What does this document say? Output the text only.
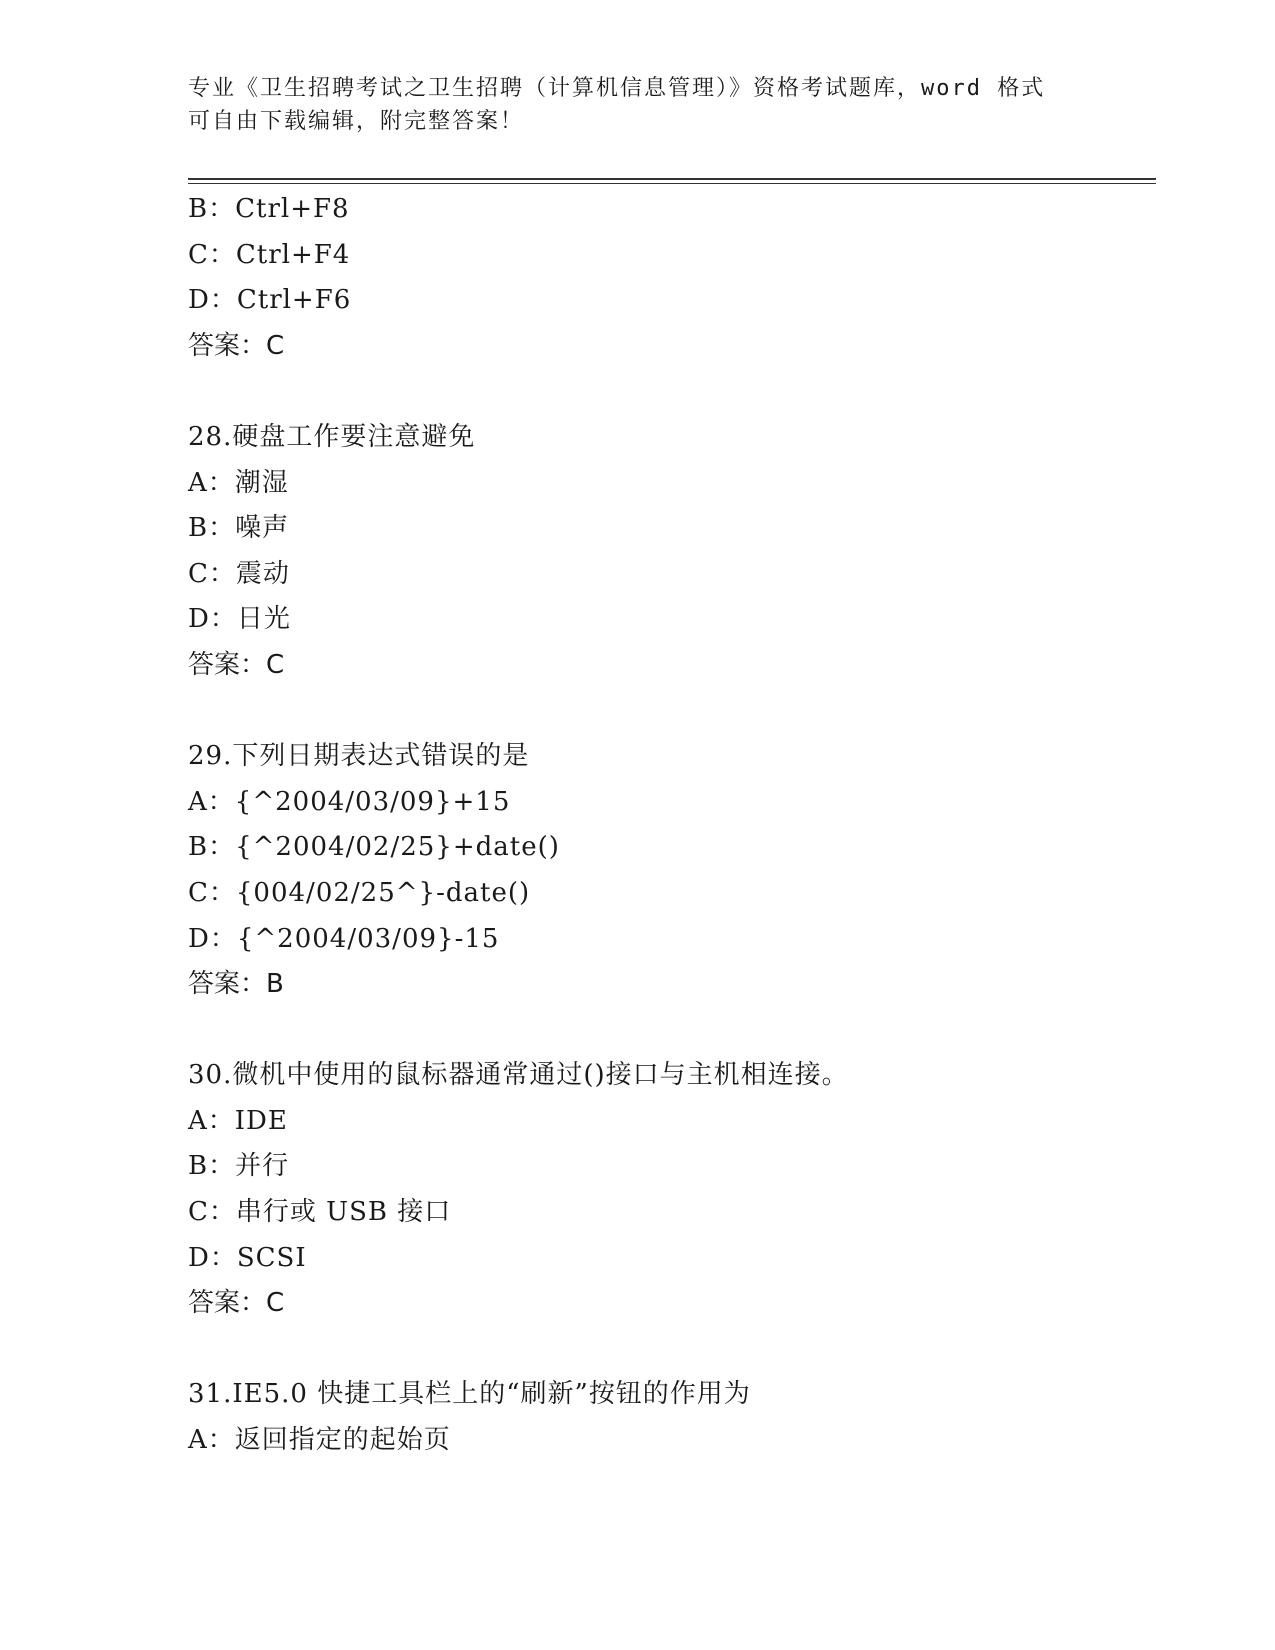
专业《卫生招聘考试之卫生招聘（计算机信息管理）》资格考试题库，word 格式
可自由下载编辑，附完整答案！
B：Ctrl+F8
C：Ctrl+F4
D：Ctrl+F6
答案：C
28.硬盘工作要注意避免
A：潮湿
B：噪声
C：震动
D：日光
答案：C
29.下列日期表达式错误的是
A：{^2004/03/09}+15
B：{^2004/02/25}+date()
C：{004/02/25^}-date()
D：{^2004/03/09}-15
答案：B
30.微机中使用的鼠标器通常通过()接口与主机相连接。
A：IDE
B：并行
C：串行或 USB 接口
D：SCSI
答案：C
31.IE5.0 快捷工具栏上的“刷新”按钮的作用为
A：返回指定的起始页
